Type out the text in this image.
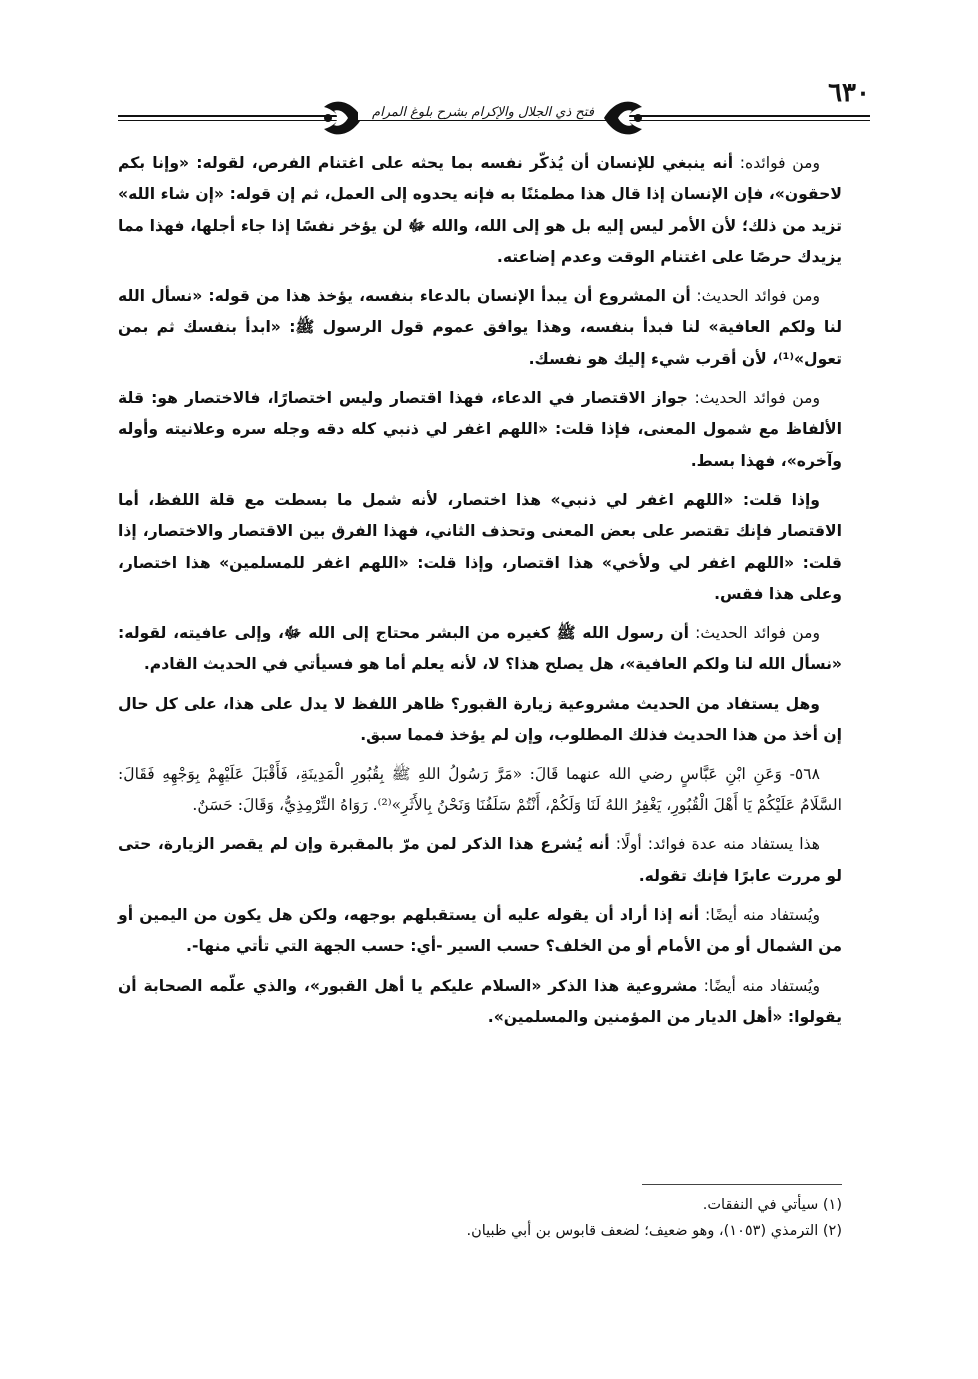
٦٣٠
فتح ذي الجلال والإكرام بشرح بلوغ المرام

ومن فوائده: أنه ينبغي للإنسان أن يُذكّر نفسه بما يحثه على اغتنام الفرص، لقوله: «وإنا بكم لاحقون»، فإن الإنسان إذا قال هذا مطمئنًا به فإنه يحدوه إلى العمل، ثم إن قوله: «إن شاء الله» تزيد من ذلك؛ لأن الأمر ليس إليه بل هو إلى الله، والله ﷻ لن يؤخر نفسًا إذا جاء أجلها، فهذا مما يزيدك حرصًا على اغتنام الوقت وعدم إضاعته.

ومن فوائد الحديث: أن المشروع أن يبدأ الإنسان بالدعاء بنفسه، يؤخذ هذا من قوله: «نسأل الله لنا ولكم العافية» لنا فبدأ بنفسه، وهذا يوافق عموم قول الرسول ﷺ: «ابدأ بنفسك ثم بمن تعول»⁽¹⁾، لأن أقرب شيء إليك هو نفسك.

ومن فوائد الحديث: جواز الاقتصار في الدعاء، فهذا اقتصار وليس اختصارًا، فالاختصار هو: قلة الألفاظ مع شمول المعنى، فإذا قلت: «اللهم اغفر لي ذنبي كله دقه وجله سره وعلانيته وأوله وآخره»، فهذا بسط.

وإذا قلت: «اللهم اغفر لي ذنبي» هذا اختصار، لأنه شمل ما بسطت مع قلة اللفظ، أما الاقتصار فإنك تقتصر على بعض المعنى وتحذف الثاني، فهذا الفرق بين الاقتصار والاختصار، إذا قلت: «اللهم اغفر لي ولأخي» هذا اقتصار، وإذا قلت: «اللهم اغفر للمسلمين» هذا اختصار، وعلى هذا فقس.

ومن فوائد الحديث: أن رسول الله ﷺ كغيره من البشر محتاج إلى الله ﷻ، وإلى عافيته، لقوله: «نسأل الله لنا ولكم العافية»، هل يصلح هذا؟ لا، لأنه يعلم أما هو فسيأتي في الحديث القادم.

وهل يستفاد من الحديث مشروعية زيارة القبور؟ ظاهر اللفظ لا يدل على هذا، على كل حال إن أخذ من هذا الحديث فذلك المطلوب، وإن لم يؤخذ فمما سبق.

٥٦٨- وَعَنِ ابْنِ عَبَّاسٍ رضي الله عنهما قَالَ: «مَرَّ رَسُولُ اللهِ ﷺ بِقُبُورِ الْمَدِينَةِ، فَأَقْبَلَ عَلَيْهِمْ بِوَجْهِهِ فَقَالَ: السَّلَامُ عَلَيْكُمْ يَا أَهْلَ الْقُبُورِ، يَغْفِرُ اللهُ لَنَا وَلَكُمْ، أَنْتُمْ سَلَفُنَا وَنَحْنُ بِالأَثَرِ»⁽²⁾. رَوَاهُ التِّرْمِذِيُّ، وَقَالَ: حَسَنٌ.

هذا يستفاد منه عدة فوائد: أولًا: أنه يُشرع هذا الذكر لمن مرّ بالمقبرة وإن لم يقصر الزيارة، حتى لو مررت عابرًا فإنك تقوله.

ويُستفاد منه أيضًا: أنه إذا أراد أن يقوله عليه أن يستقبلهم بوجهه، ولكن هل يكون من اليمين أو من الشمال أو من الأمام أو من الخلف؟ حسب السير -أي: حسب الجهة التي تأتي منها-.

ويُستفاد منه أيضًا: مشروعية هذا الذكر «السلام عليكم يا أهل القبور»، والذي علّمه الصحابة أن يقولوا: «أهل الديار من المؤمنين والمسلمين».

(١) سيأتي في النفقات.

(٢) الترمذي (١٠٥٣)، وهو ضعيف؛ لضعف قابوس بن أبي ظبيان.
